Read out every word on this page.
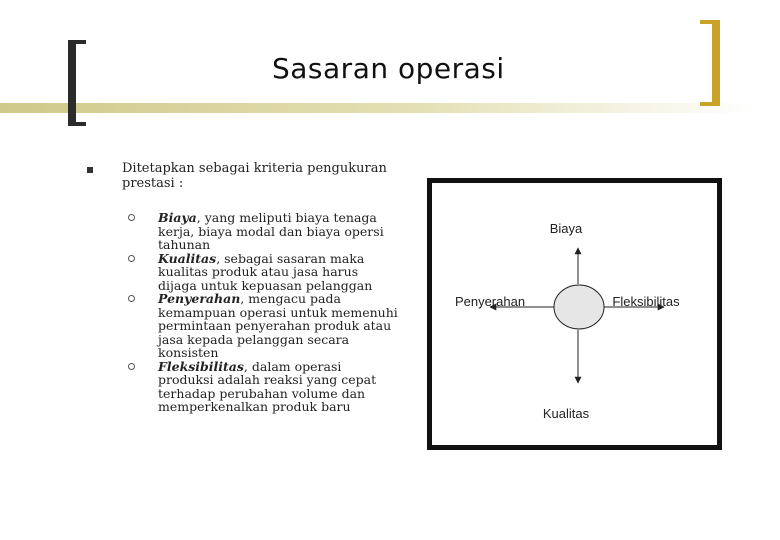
Sasaran operasi
Ditetapkan sebagai kriteria pengukuran prestasi :
Biaya, yang meliputi biaya tenaga kerja, biaya modal dan biaya opersi tahunan
Kualitas, sebagai sasaran maka kualitas produk atau jasa harus dijaga untuk kepuasan pelanggan
Penyerahan, mengacu pada kemampuan operasi untuk memenuhi permintaan penyerahan produk atau jasa kepada pelanggan secara konsisten
Fleksibilitas, dalam operasi produksi adalah reaksi yang cepat terhadap perubahan volume dan memperkenalkan produk baru
Biaya
Penyerahan	Fleksibilitas
Kualitas
